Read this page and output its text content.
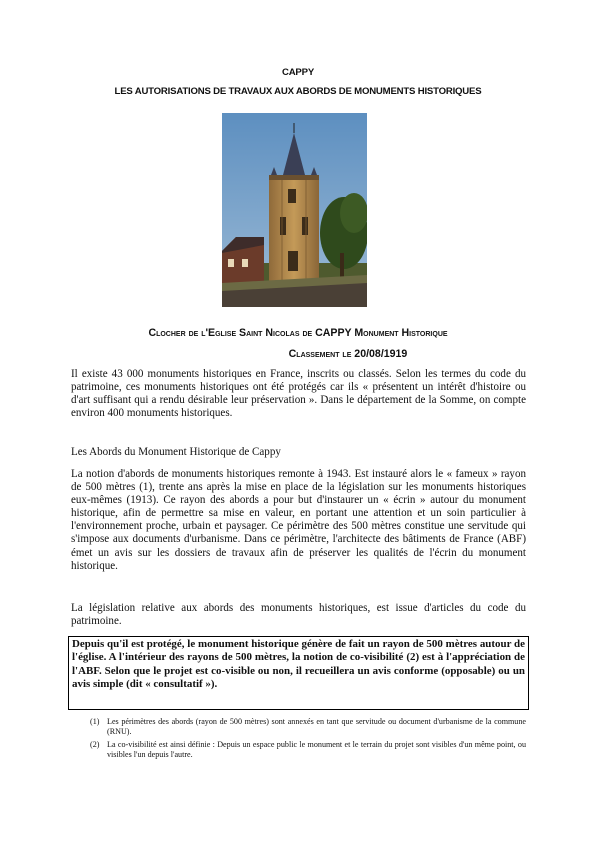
CAPPY
LES AUTORISATIONS DE TRAVAUX AUX ABORDS DE MONUMENTS HISTORIQUES
Clocher de l'Eglise Saint Nicolas de CAPPY Monument Historique
Classement le 20/08/1919

Il existe 43 000 monuments historiques en France, inscrits ou classés. Selon les termes du code du patrimoine, ces monuments historiques ont été protégés car ils « présentent un intérêt d'histoire ou d'art suffisant qui a rendu désirable leur préservation ». Dans le département de la Somme, on compte environ 400 monuments historiques.

Les Abords du Monument Historique de Cappy

La notion d'abords de monuments historiques remonte à 1943. Est instauré alors le « fameux » rayon de 500 mètres (1), trente ans après la mise en place de la législation sur les monuments historiques eux-mêmes (1913). Ce rayon des abords a pour but d'instaurer un « écrin » autour du monument historique, afin de permettre sa mise en valeur, en portant une attention et un soin particulier à l'environnement proche, urbain et paysager. Ce périmètre des 500 mètres constitue une servitude qui s'impose aux documents d'urbanisme. Dans ce périmètre, l'architecte des bâtiments de France (ABF) émet un avis sur les dossiers de travaux afin de préserver les qualités de l'écrin du monument historique.

La législation relative aux abords des monuments historiques, est issue d'articles du code du patrimoine.

Depuis qu'il est protégé, le monument historique génère de fait un rayon de 500 mètres autour de l'église. A l'intérieur des rayons de 500 mètres, la notion de co-visibilité (2) est à l'appréciation de l'ABF. Selon que le projet est co-visible ou non, il recueillera un avis conforme (opposable) ou un avis simple (dit « consultatif »).
(1) Les périmètres des abords (rayon de 500 mètres) sont annexés en tant que servitude ou document d'urbanisme de la commune (RNU).
(2) La co-visibilité est ainsi définie : Depuis un espace public le monument et le terrain du projet sont visibles d'un même point, ou visibles l'un depuis l'autre.
